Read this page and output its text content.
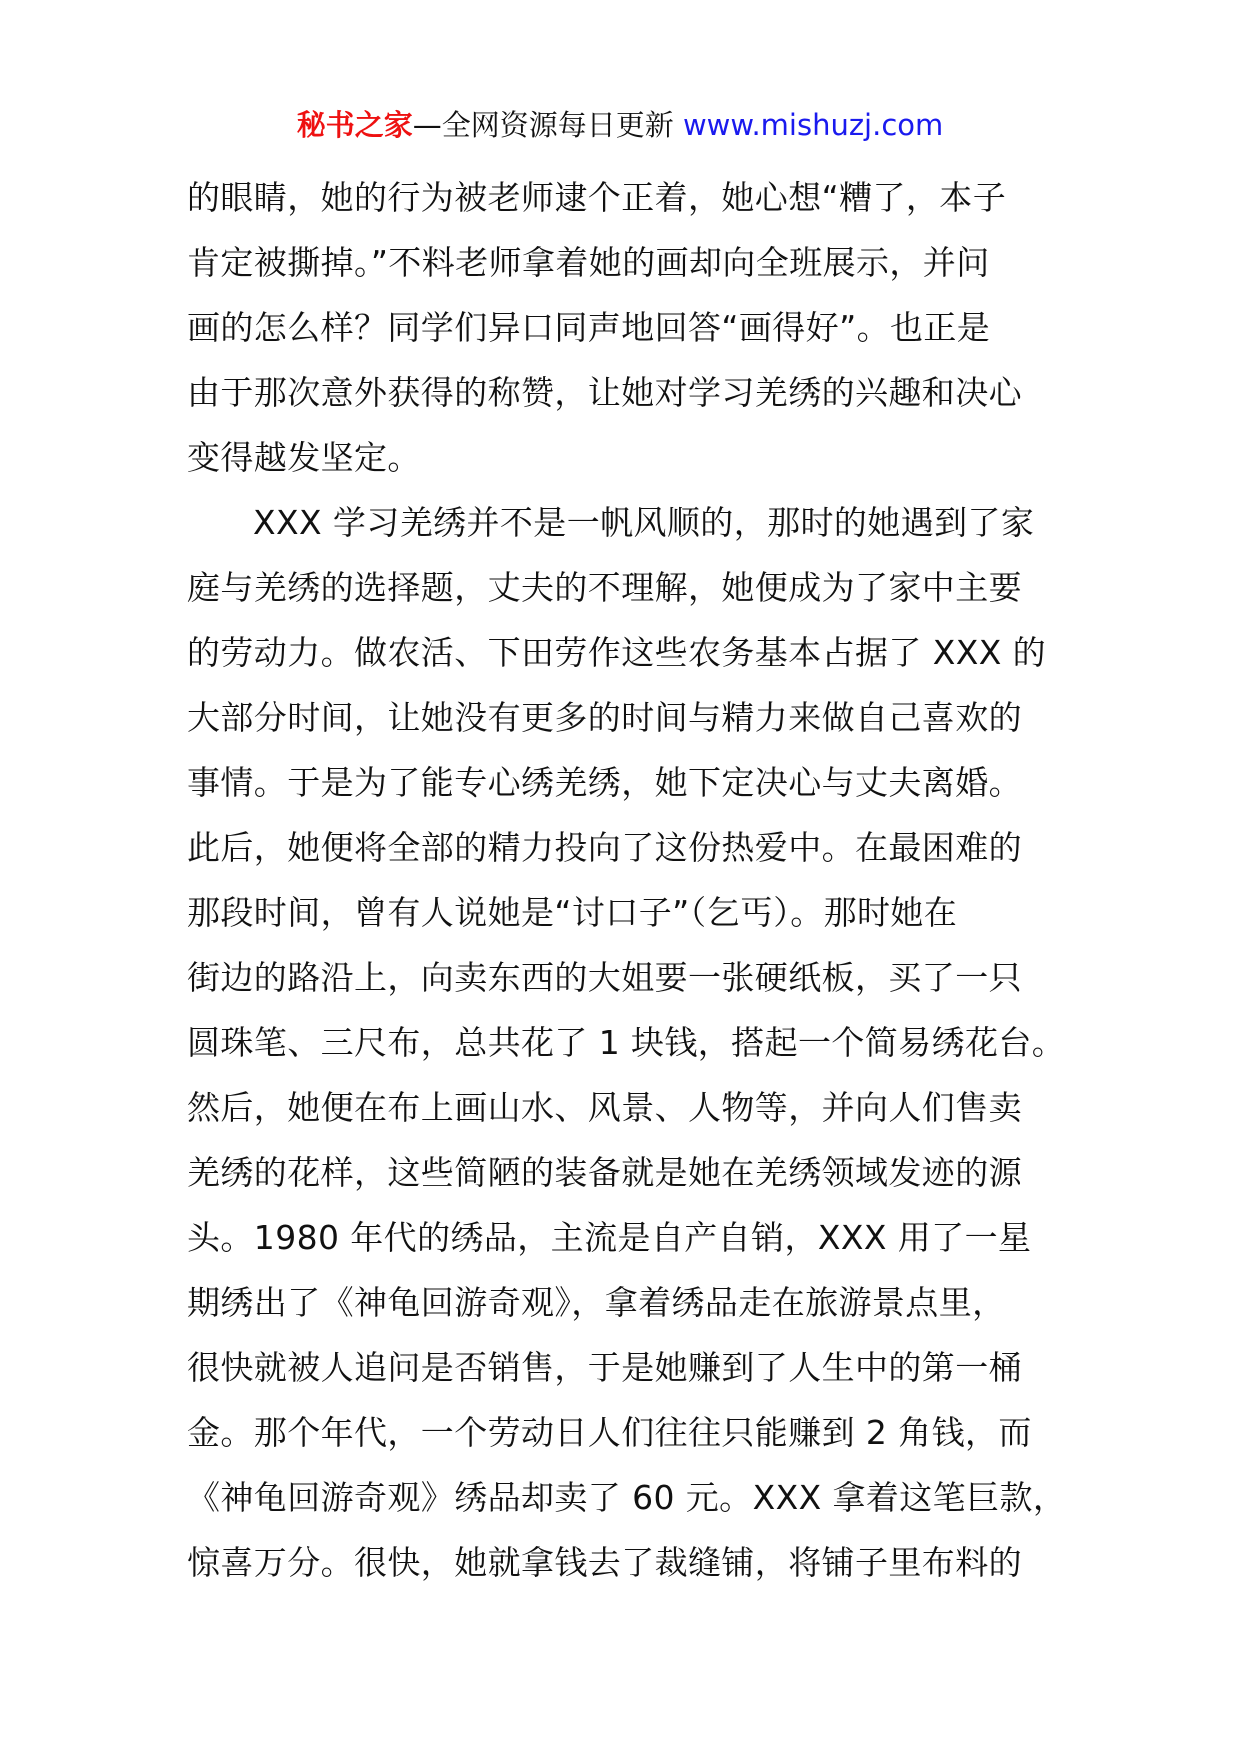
秘书之家—全网资源每日更新 www.mishuzj.com
的眼睛，她的行为被老师逮个正着，她心想“糟了，本子
肯定被撕掉。”不料老师拿着她的画却向全班展示，并问
画的怎么样？同学们异口同声地回答“画得好”。也正是
由于那次意外获得的称赞，让她对学习羌绣的兴趣和决心
变得越发坚定。
XXX 学习羌绣并不是一帆风顺的，那时的她遇到了家
庭与羌绣的选择题，丈夫的不理解，她便成为了家中主要
的劳动力。做农活、下田劳作这些农务基本占据了 XXX 的
大部分时间，让她没有更多的时间与精力来做自己喜欢的
事情。于是为了能专心绣羌绣，她下定决心与丈夫离婚。
此后，她便将全部的精力投向了这份热爱中。在最困难的
那段时间，曾有人说她是“讨口子”（乞丐）。那时她在
街边的路沿上，向卖东西的大姐要一张硬纸板，买了一只
圆珠笔、三尺布，总共花了 1 块钱，搭起一个简易绣花台。
然后，她便在布上画山水、风景、人物等，并向人们售卖
羌绣的花样，这些简陋的装备就是她在羌绣领域发迹的源
头。1980 年代的绣品，主流是自产自销，XXX 用了一星
期绣出了《神龟回游奇观》，拿着绣品走在旅游景点里，
很快就被人追问是否销售，于是她赚到了人生中的第一桶
金。那个年代，一个劳动日人们往往只能赚到 2 角钱，而
《神龟回游奇观》绣品却卖了 60 元。XXX 拿着这笔巨款，
惊喜万分。很快，她就拿钱去了裁缝铺，将铺子里布料的
